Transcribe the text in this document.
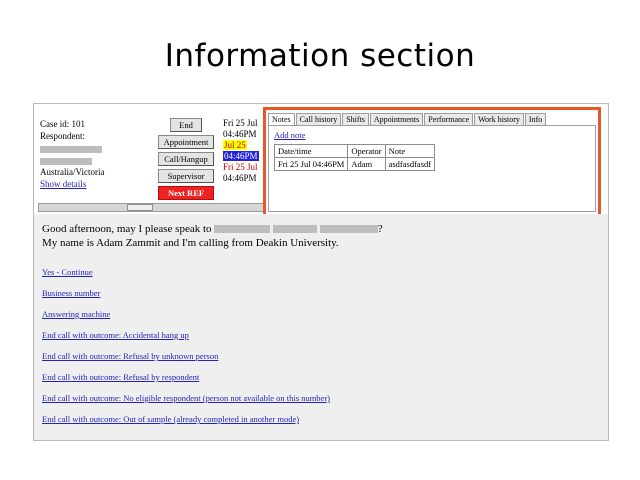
Information section
Case id: 101
Respondent:
Australia/Victoria
Show details
End
Appointment
Call/Hangup
Supervisor
Next REF
Fri 25 Jul
04:46PM
Jul 25
04:46PM
Fri 25 Jul
04:46PM
Notes	Call history	Shifts	Appointments	Performance	Work history	Info
Add note
Date/time	Operator	Note
Fri 25 Jul 04:46PM	Adam	asdfasdfasdf
Good afternoon, may I please speak to	?
My name is Adam Zammit and I'm calling from Deakin University.
Yes - Continue
Business number
Answering machine
End call with outcome: Accidental hang up
End call with outcome: Refusal by unknown person
End call with outcome: Refusal by respondent
End call with outcome: No eligible respondent (person not available on this number)
End call with outcome: Out of sample (already completed in another mode)
